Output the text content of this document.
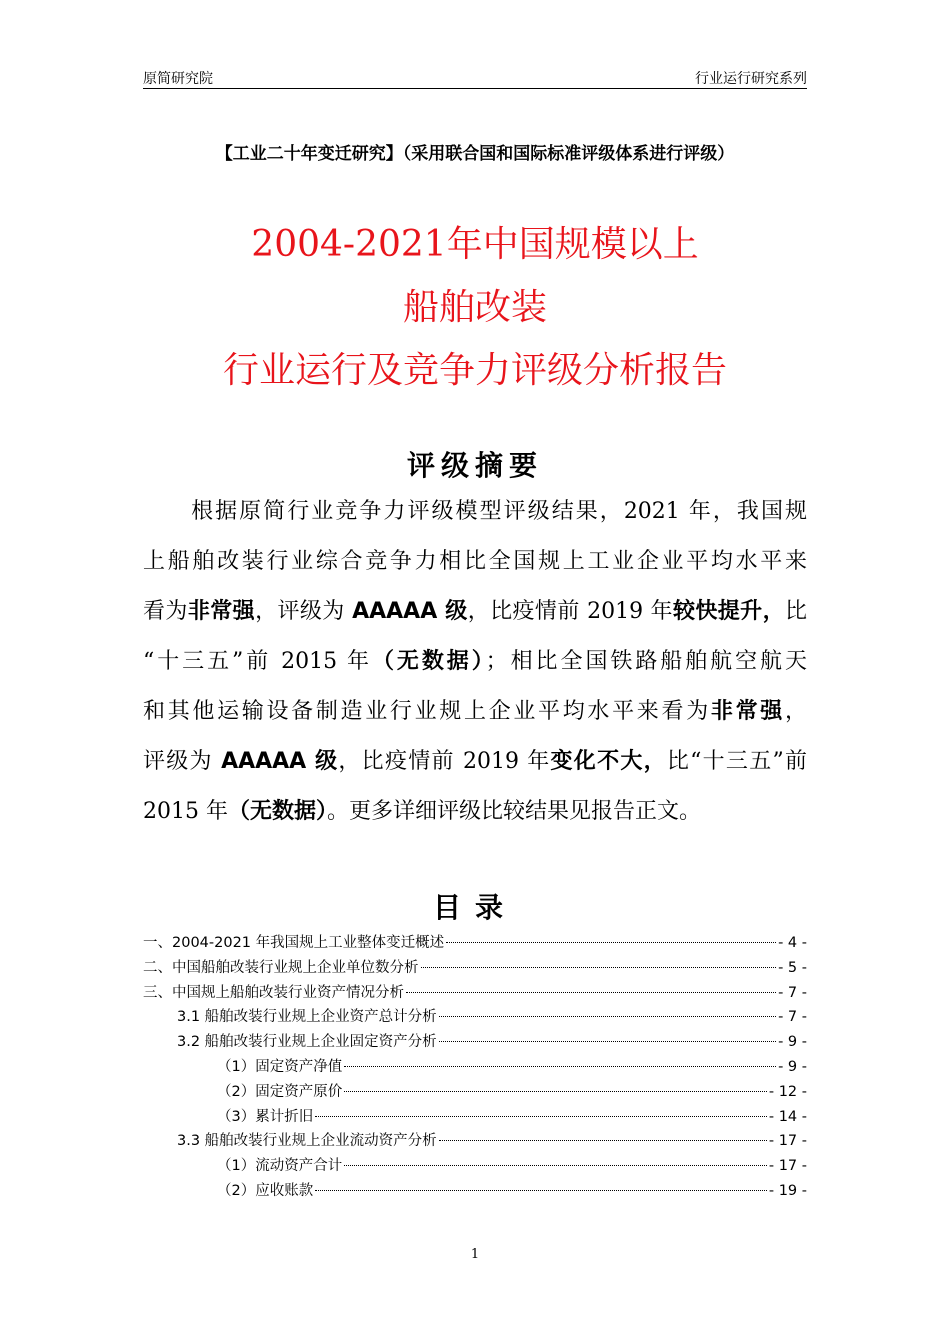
原简研究院	行业运行研究系列
【工业二十年变迁研究】（采用联合国和国际标准评级体系进行评级）
2004-2021年中国规模以上
船舶改装
行业运行及竞争力评级分析报告
评级摘要
　　根据原简行业竞争力评级模型评级结果，2021 年，我国规
上船舶改装行业综合竞争力相比全国规上工业企业平均水平来
看为非常强，评级为 AAAAA 级，比疫情前 2019 年较快提升，比
“十三五”前 2015 年（无数据）；相比全国铁路船舶航空航天
和其他运输设备制造业行业规上企业平均水平来看为非常强，
评级为 AAAAA 级，比疫情前 2019 年变化不大，比“十三五”前
2015 年（无数据）。更多详细评级比较结果见报告正文。
目录
一、2004-2021 年我国规上工业整体变迁概述	- 4 -
二、中国船舶改装行业规上企业单位数分析	- 5 -
三、中国规上船舶改装行业资产情况分析	- 7 -
3.1 船舶改装行业规上企业资产总计分析	- 7 -
3.2 船舶改装行业规上企业固定资产分析	- 9 -
（1）固定资产净值	- 9 -
（2）固定资产原价	- 12 -
（3）累计折旧	- 14 -
3.3 船舶改装行业规上企业流动资产分析	- 17 -
（1）流动资产合计	- 17 -
（2）应收账款	- 19 -
1
